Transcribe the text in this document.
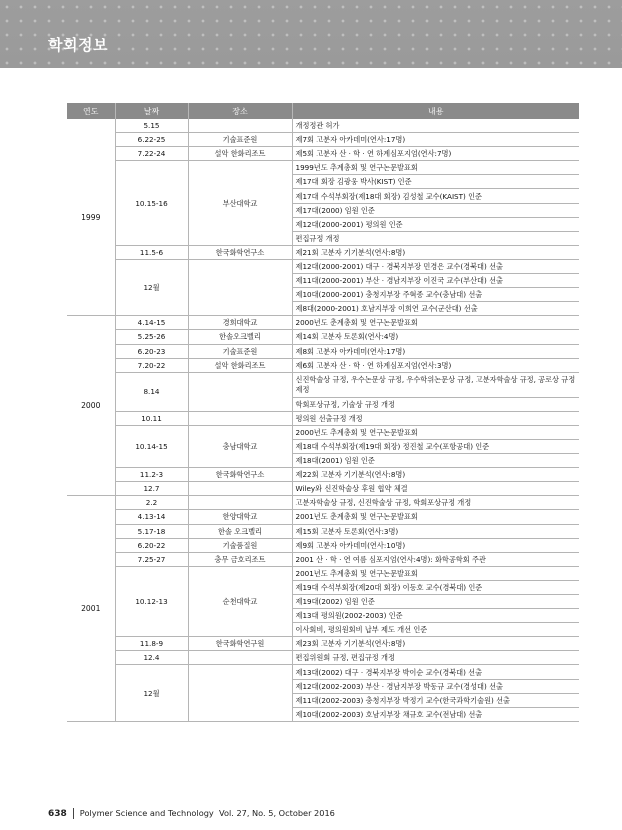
학회정보
연도	날짜	장소	내용
1999	5.15		개정정관 허가
	6.22-25	기술표준원	제7회 고분자 아카데미(연사:17명)
	7.22-24	설악 한화리조트	제5회 고분자 산 · 학 · 연 하계심포지엄(연사:7명)
	10.15-16	부산대학교	1999년도 추계총회 및 연구논문발표회
			제17대 회장 김광웅 박사(KIST) 인준
			제17대 수석부회장(제18대 회장) 김성철 교수(KAIST) 인준
			제17대(2000) 임원 인준
			제12대(2000-2001) 평의원 인준
			편집규정 개정
	11.5-6	한국화학연구소	제21회 고분자 기기분석(연사:8명)
	12월		제12대(2000-2001) 대구 · 경북지부장 민경은 교수(경북대) 선출
			제11대(2000-2001) 부산 · 경남지부장 이진국 교수(부산대) 선출
			제10대(2000-2001) 충청지부장 주혁종 교수(충남대) 선출
			제8대(2000-2001) 호남지부장 이희연 교수(군산대) 선출
2000	4.14-15	경희대학교	2000년도 춘계총회 및 연구논문발표회
	5.25-26	한솔오크벨리	제14회 고분자 토론회(연사:4명)
	6.20-23	기술표준원	제8회 고분자 아카데미(연사:17명)
	7.20-22	설악 한화리조트	제6회 고분자 산 · 학 · 연 하계심포지엄(연사:3명)
	8.14		신진학술상 규정, 우수논문상 규정, 우수학위논문상 규정, 고분자학술상 규정, 공로상 규정 제정
			학회포상규정, 기술상 규정 개정
	10.11		평의원 선출규정 개정
	10.14-15	충남대학교	2000년도 추계총회 및 연구논문발표회
			제18대 수석부회장(제19대 회장) 정진철 교수(포항공대) 인준
			제18대(2001) 임원 인준
	11.2-3	한국화학연구소	제22회 고분자 기기분석(연사:8명)
	12.7		Wiley와 신진학술상 후원 협약 체결
2001	2.2		고분자학술상 규정, 신진학술상 규정, 학회포상규정 개정
	4.13-14	한양대학교	2001년도 춘계총회 및 연구논문발표회
	5.17-18	한솔 오크벨리	제15회 고분자 토론회(연사:3명)
	6.20-22	기술품질원	제9회 고분자 아카데미(연사:10명)
	7.25-27	충무 금호리조트	2001 산 · 학 · 연 여름 심포지엄(연사:4명): 화학공학회 주관
	10.12-13	순천대학교	2001년도 추계총회 및 연구논문발표회
			제19대 수석부회장(제20대 회장) 이동호 교수(경북대) 인준
			제19대(2002) 임원 인준
			제13대 평의원(2002-2003) 인준
			이사회비, 평의원회비 납부 제도 개선 인준
	11.8-9	한국화학연구원	제23회 고분자 기기분석(연사:8명)
	12.4		편집위원회 규정, 편집규정 개정
	12월		제13대(2002) 대구 · 경북지부장 박이순 교수(경북대) 선출
			제12대(2002-2003) 부산 · 경남지부장 박동규 교수(경성대) 선출
			제11대(2002-2003) 충청지부장 박정기 교수(한국과학기술원) 선출
			제10대(2002-2003) 호남지부장 채규호 교수(전남대) 선출
638 Polymer Science and Technology Vol. 27, No. 5, October 2016
